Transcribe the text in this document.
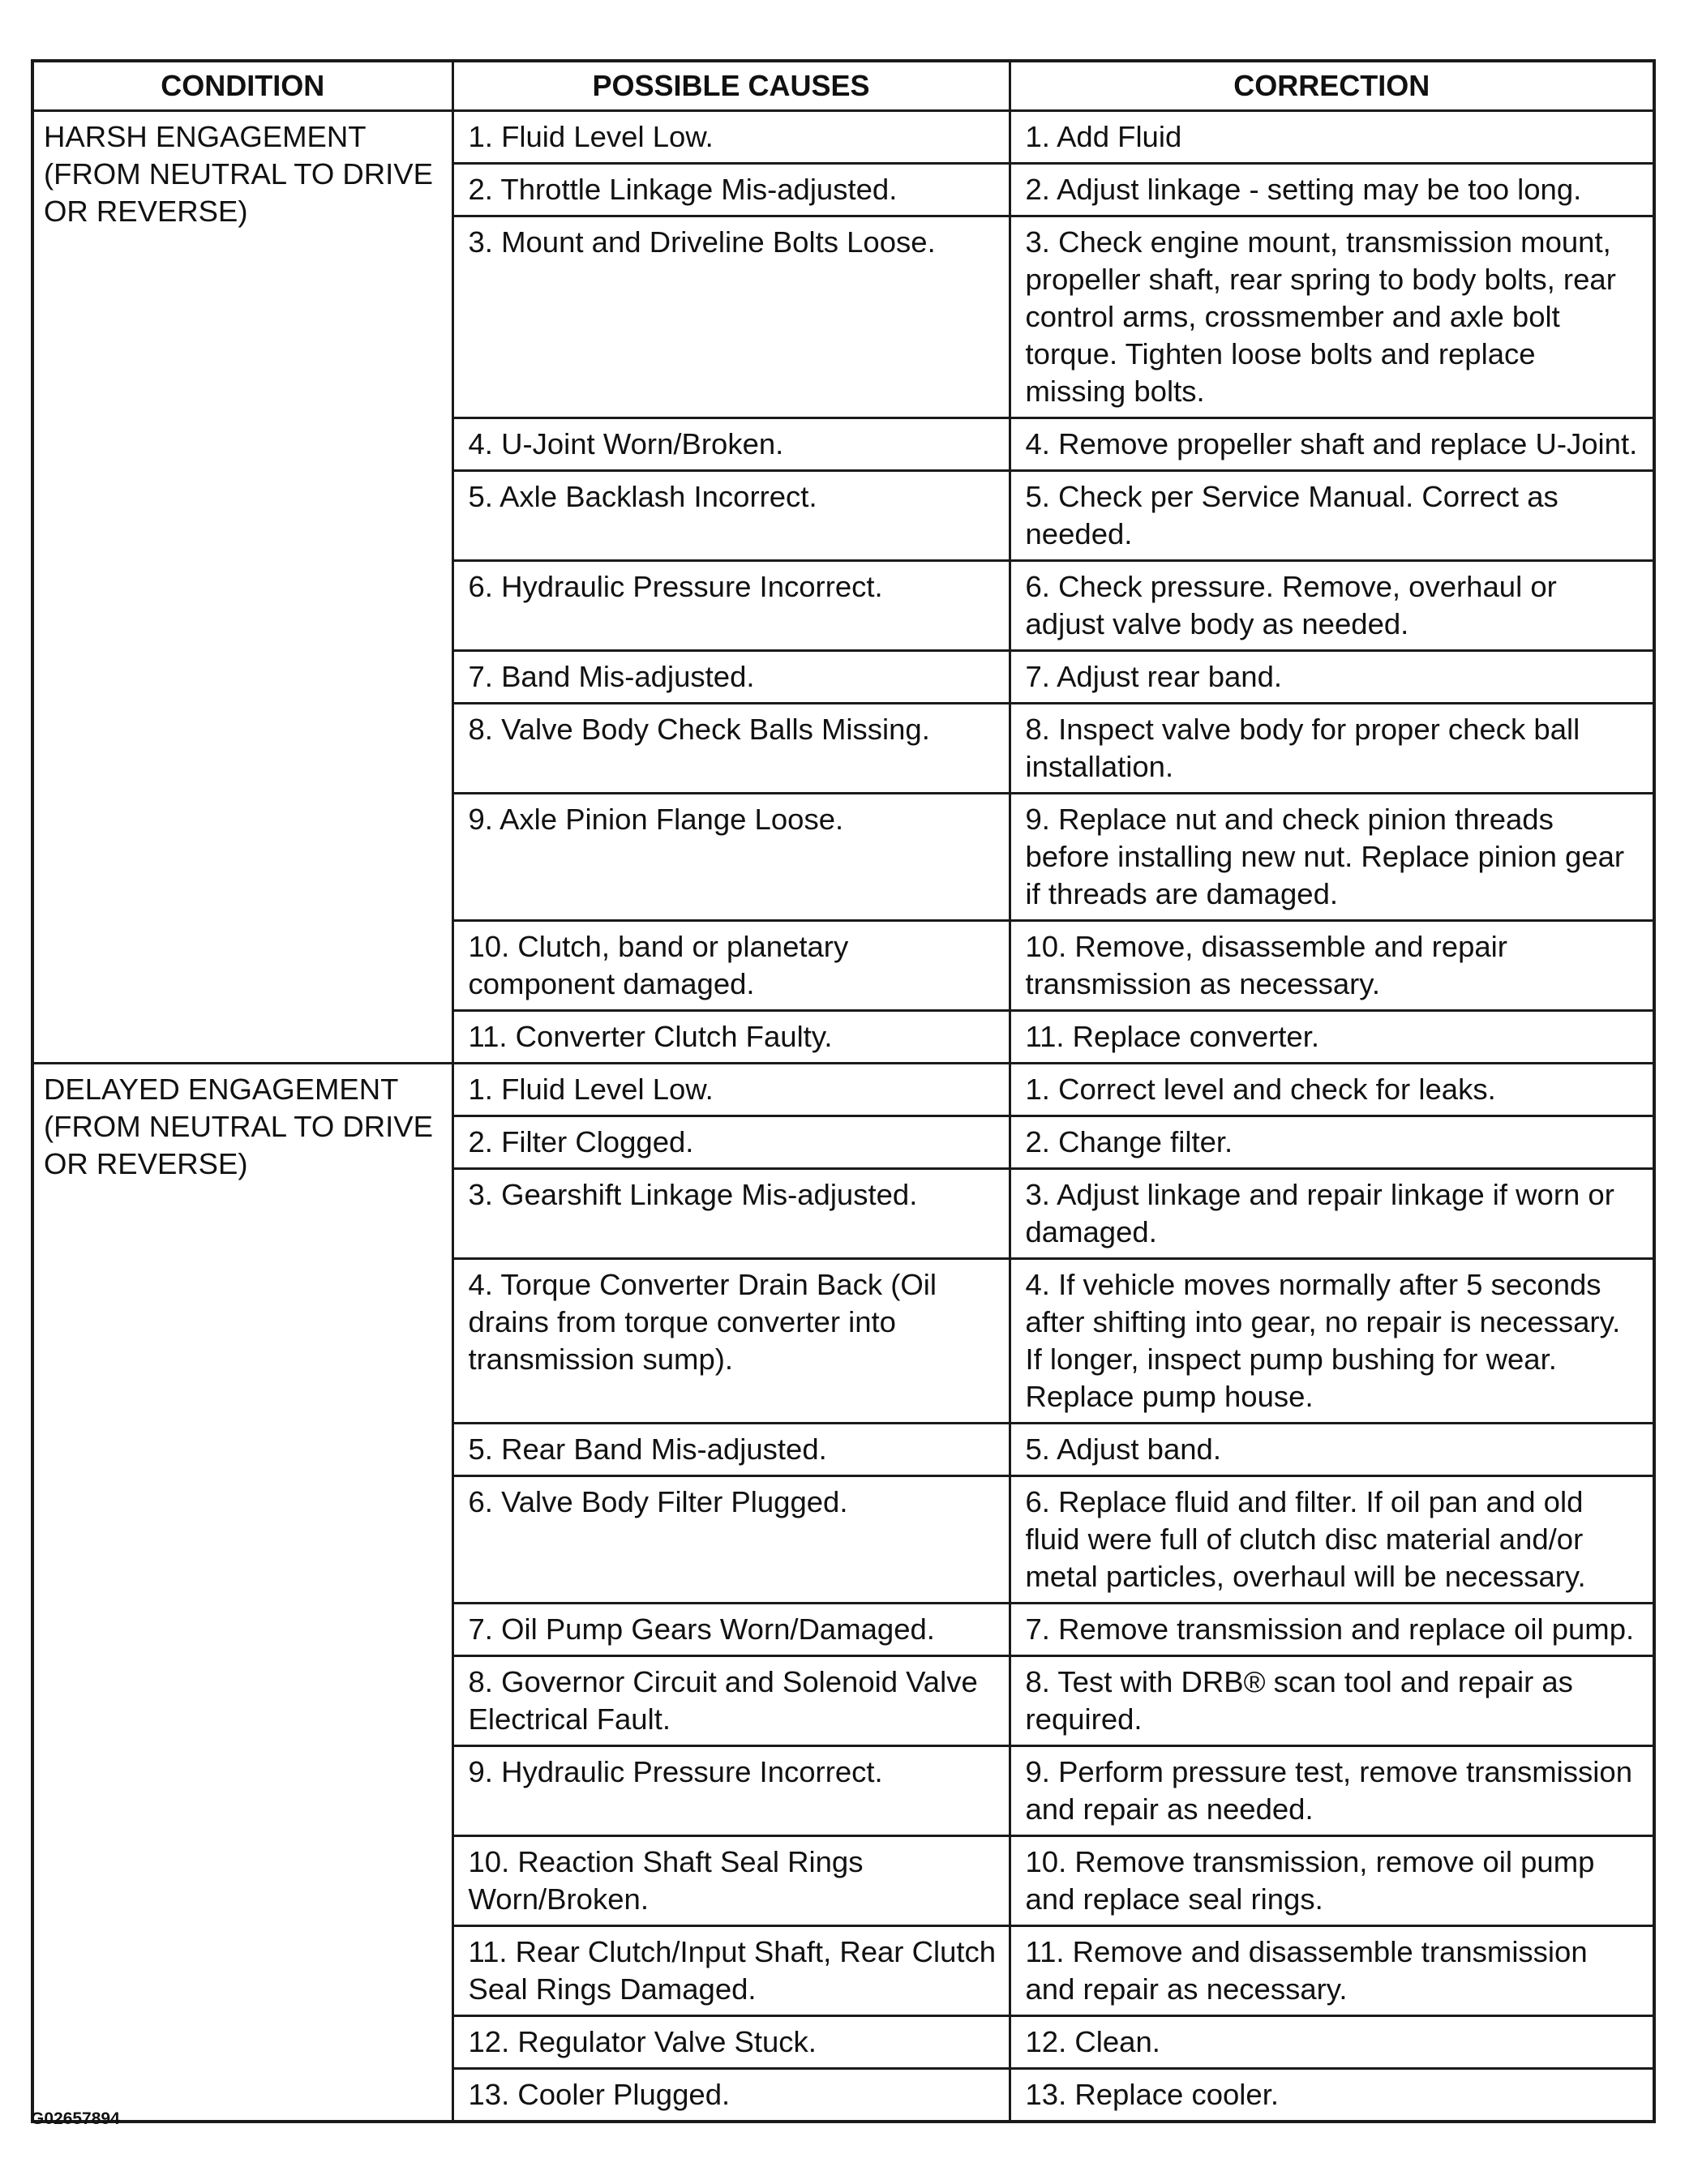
CONDITION	POSSIBLE CAUSES	CORRECTION
HARSH ENGAGEMENT (FROM NEUTRAL TO DRIVE OR REVERSE)	1. Fluid Level Low.	1. Add Fluid
	2. Throttle Linkage Mis-adjusted.	2. Adjust linkage - setting may be too long.
	3. Mount and Driveline Bolts Loose.	3. Check engine mount, transmission mount, propeller shaft, rear spring to body bolts, rear control arms, crossmember and axle bolt torque. Tighten loose bolts and replace missing bolts.
	4. U-Joint Worn/Broken.	4. Remove propeller shaft and replace U-Joint.
	5. Axle Backlash Incorrect.	5. Check per Service Manual. Correct as needed.
	6. Hydraulic Pressure Incorrect.	6. Check pressure. Remove, overhaul or adjust valve body as needed.
	7. Band Mis-adjusted.	7. Adjust rear band.
	8. Valve Body Check Balls Missing.	8. Inspect valve body for proper check ball installation.
	9. Axle Pinion Flange Loose.	9. Replace nut and check pinion threads before installing new nut. Replace pinion gear if threads are damaged.
	10. Clutch, band or planetary component damaged.	10. Remove, disassemble and repair transmission as necessary.
	11. Converter Clutch Faulty.	11. Replace converter.
DELAYED ENGAGEMENT (FROM NEUTRAL TO DRIVE OR REVERSE)	1. Fluid Level Low.	1. Correct level and check for leaks.
	2. Filter Clogged.	2. Change filter.
	3. Gearshift Linkage Mis-adjusted.	3. Adjust linkage and repair linkage if worn or damaged.
	4. Torque Converter Drain Back (Oil drains from torque converter into transmission sump).	4. If vehicle moves normally after 5 seconds after shifting into gear, no repair is necessary. If longer, inspect pump bushing for wear. Replace pump house.
	5. Rear Band Mis-adjusted.	5. Adjust band.
	6. Valve Body Filter Plugged.	6. Replace fluid and filter. If oil pan and old fluid were full of clutch disc material and/or metal particles, overhaul will be necessary.
	7. Oil Pump Gears Worn/Damaged.	7. Remove transmission and replace oil pump.
	8. Governor Circuit and Solenoid Valve Electrical Fault.	8. Test with DRB® scan tool and repair as required.
	9. Hydraulic Pressure Incorrect.	9. Perform pressure test, remove transmission and repair as needed.
	10. Reaction Shaft Seal Rings Worn/Broken.	10. Remove transmission, remove oil pump and replace seal rings.
	11. Rear Clutch/Input Shaft, Rear Clutch Seal Rings Damaged.	11. Remove and disassemble transmission and repair as necessary.
	12. Regulator Valve Stuck.	12. Clean.
	13. Cooler Plugged.	13. Replace cooler.
G02657894
